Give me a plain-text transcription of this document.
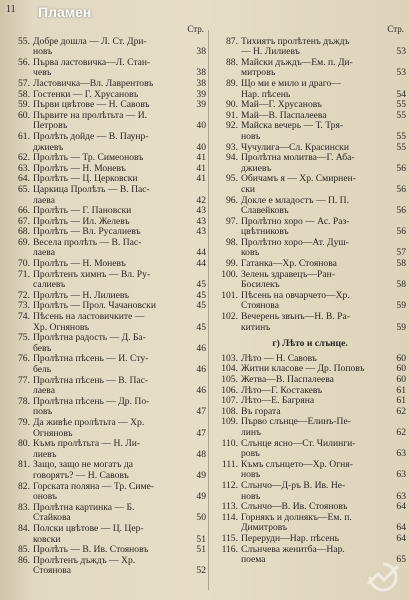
11 Пламен
Стр.
55. Добре дошла — Л. Ст. Дри-
новъ	38
56. Първа ластовичка—Л. Стан-
чевъ	38
57. Ластовичка—Вл. Лаврентовъ	38
58. Гостенки — Г. Хрусановъ	39
59. Първи цвѣтове — Н. Савовъ	39
60. Първите на пролѣтьта — И.
Петровъ	40
61. Пролѣть дойде — В. Паунр-
джиевъ	40
62. Пролѣть — Тр. Симеоновъ	41
63. Пролѣть — Н. Моневъ	41
64. Пролѣть — Ц. Церковски	41
65. Царкица Пролѣть — В. Пас-
лаева	42
66. Пролѣть — Г. Пановски	43
67. Пролѣть — Ил. Желевъ	43
68. Пролѣть — Вл. Русалиевъ	43
69. Весела пролѣть — В. Пас-
лаева	44
70. Пролѣть — Н. Моневъ	44
71. Пролѣтенъ химнъ — Вл. Ру-
салиевъ	45
72. Пролѣть — Н. Лилиевъ	45
73. Пролѣть — Прол. Чачановски	45
74. Пѣсень на ластовичките —
Хр. Огняновъ	45
75. Пролѣтна радость — Д. Ба-
бевъ	46
76. Пролѣтна пѣсень — И. Сту-
бель	46
77. Пролѣтна пѣсень — В. Пас-
лаева	46
78. Пролѣтна пѣсень — Др. По-
повъ	47
79. Да живѣе пролѣтьта — Хр.
Огняновъ	47
80. Къмъ пролѣтьта — Н. Ли-
лиевъ	48
81. Защо, защо не могатъ да
говорятъ? — Н. Савовъ	49
82. Горската поляна — Тр. Симе-
оновъ	49
83. Пролѣтна картинка — Б.
Стайкова	50
84. Полски цвѣтове — Ц. Цер-
ковски	51
85. Пролѣть — В. Ив. Стояновъ	51
86. Пролѣтенъ дъждъ — Хр.
Стоянова	52
Стр.
87. Тихиятъ пролѣтенъ дъждъ
— Н. Лилиевъ	53
88. Майски дъждъ—Ем. п. Ди-
митровъ	53
89. Що ми е мило и драго—
Нар. пѣсень	54
90. Май—Г. Хрусановъ	55
91. Май—В. Паспалеева	55
92. Майска вечерь — Т. Тря-
новъ	55
93. Чучулига—Сл. Красински	55
94. Пролѣтна молитва—Г. Аба-
джиевъ	56
95. Обичамъ я — Хр. Смирнен-
ски	56
96. Докле е младостъ — П. П.
Славейковъ	56
97. Пролѣтно хоро — Ас. Раз-
цвѣтниковъ	56
98. Пролѣтно хоро—Ат. Душ-
ковъ	57
99. Гатанка—Хр. Стоянова	58
100. Зелень здравецъ—Ран-
Босилекъ	58
101. Пѣсень на овчарчето—Хр.
Стоянова	59
102. Вечерень звънъ—Н. В. Ра-
китинъ	59
г) Лѣто и слънце.
103. Лѣто — Н. Савовъ	60
104. Житни класове — Др. Поповъ	60
105. Жетва—В. Паспалеева	60
106. Лѣто—Г. Костакевъ	61
107. Лѣто—Е. Багряна	61
108. Въ гората	62
109. Първо слънце—Елинъ-Пе-
линъ	62
110. Слънце ясно—Ст. Чилинги-
ровъ	63
111. Къмъ слънцето—Хр. Огня-
новъ	63
112. Слънчо—Д-ръ В. Ив. Не-
новъ	63
113. Слънчо—В. Ив. Стояновъ	64
114. Горнякъ и долнякъ—Ем. п.
Димитровъ	64
115. Перерудн—Нар. пѣсень	64
116. Слънчева женитба—Нар.
поема	65
